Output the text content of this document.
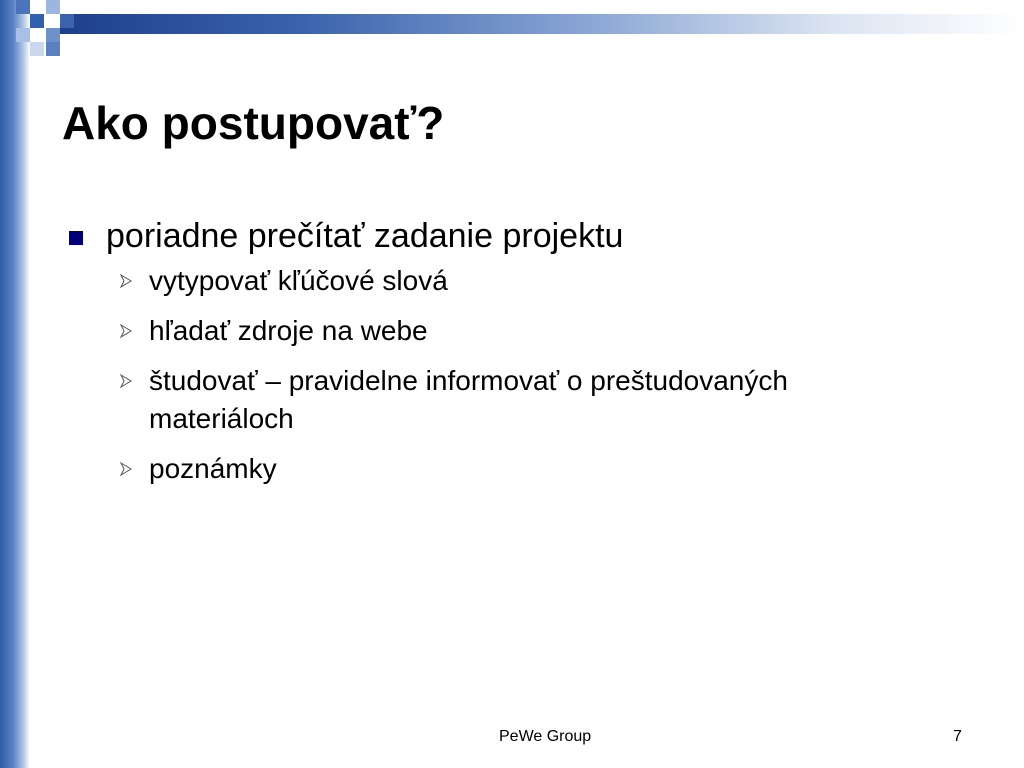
Ako postupovať?
poriadne prečítať zadanie projektu
vytypovať kľúčové slová
hľadať zdroje na webe
študovať – pravidelne informovať o preštudovaných materiáloch
poznámky
PeWe Group	7
